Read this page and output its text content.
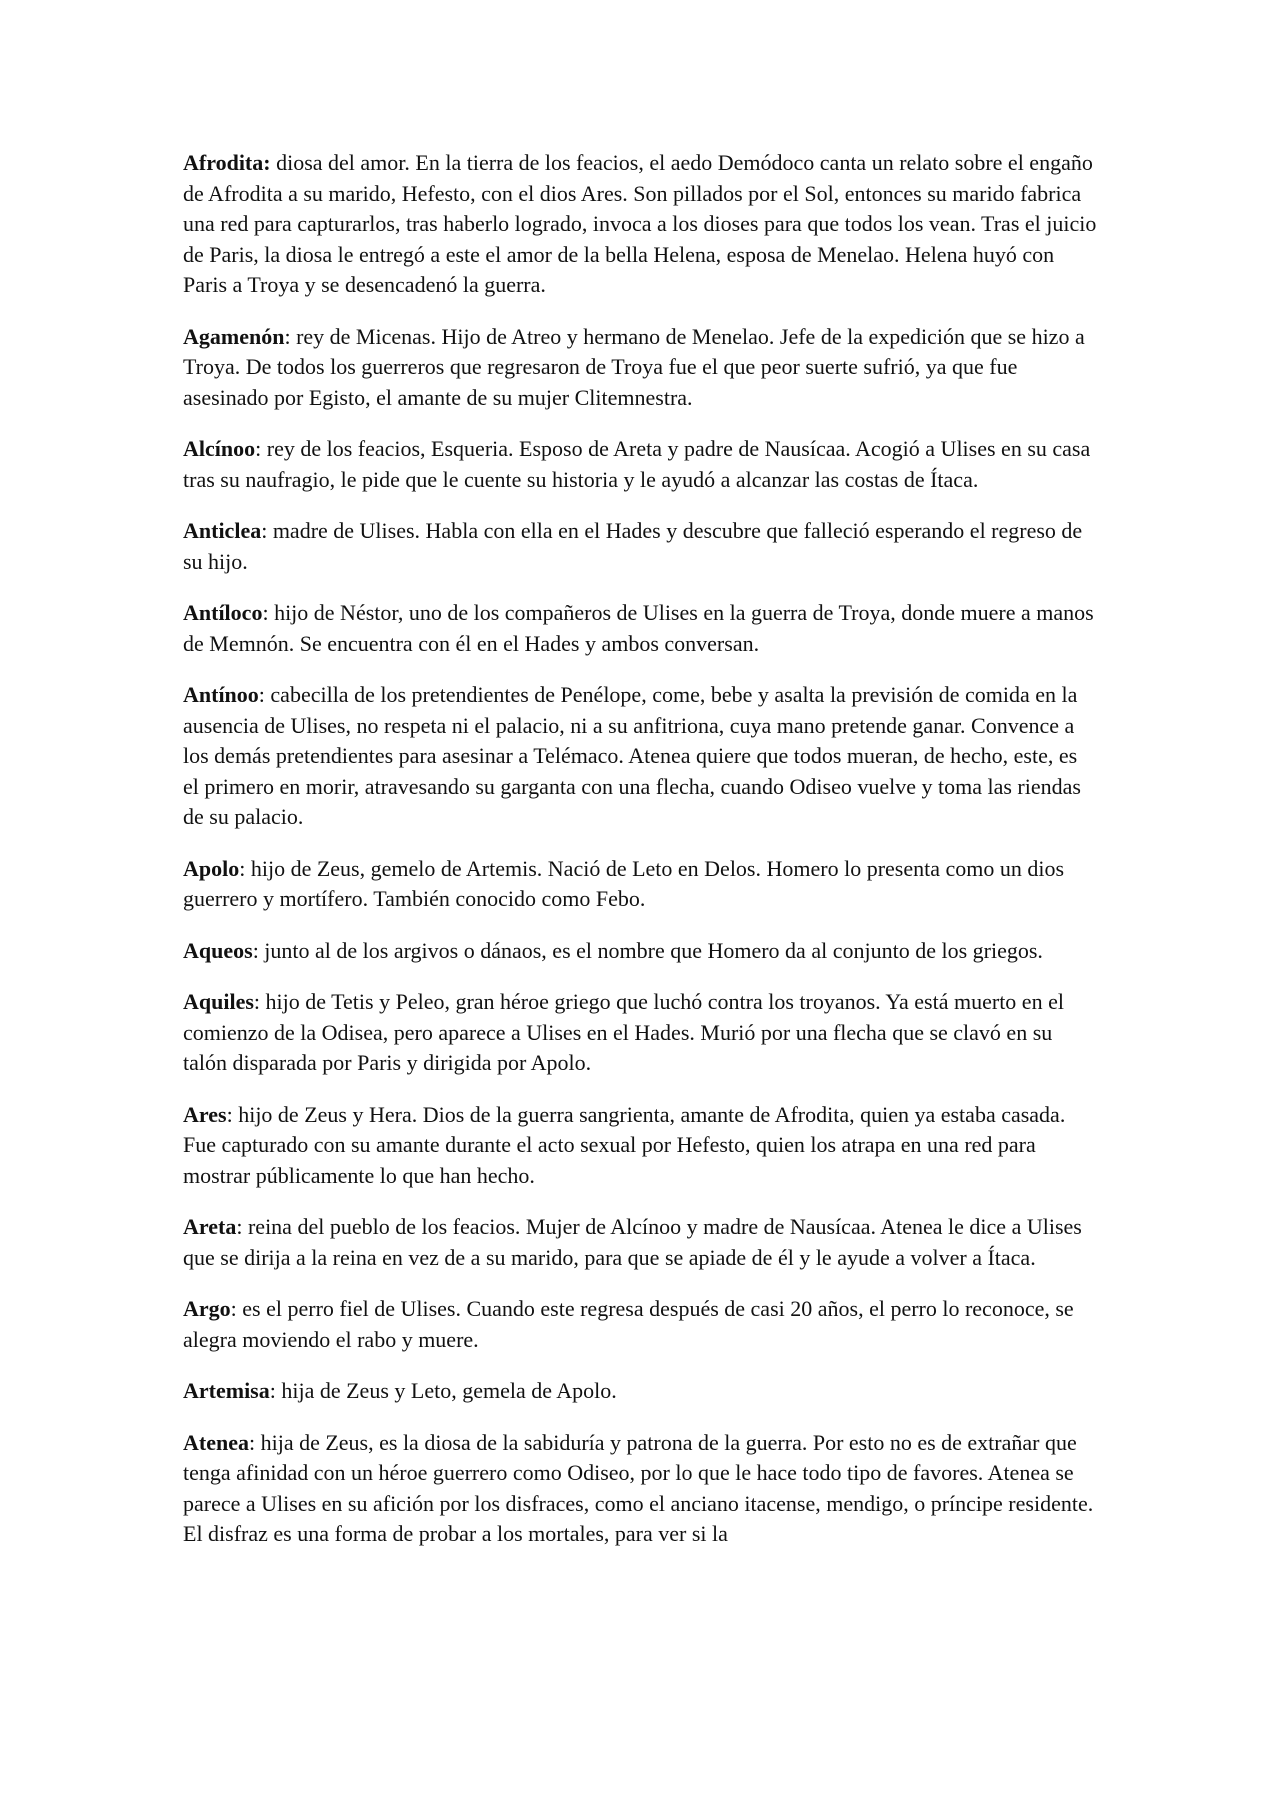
Afrodita: diosa del amor. En la tierra de los feacios, el aedo Demódoco canta un relato sobre el engaño de Afrodita a su marido, Hefesto, con el dios Ares. Son pillados por el Sol, entonces su marido fabrica una red para capturarlos, tras haberlo logrado, invoca a los dioses para que todos los vean. Tras el juicio de Paris, la diosa le entregó a este el amor de la bella Helena, esposa de Menelao. Helena huyó con Paris a Troya y se desencadenó la guerra.

Agamenón: rey de Micenas. Hijo de Atreo y hermano de Menelao. Jefe de la expedición que se hizo a Troya. De todos los guerreros que regresaron de Troya fue el que peor suerte sufrió, ya que fue asesinado por Egisto, el amante de su mujer Clitemnestra.

Alcínoo: rey de los feacios, Esqueria. Esposo de Areta y padre de Nausícaa. Acogió a Ulises en su casa tras su naufragio, le pide que le cuente su historia y le ayudó a alcanzar las costas de Ítaca.

Anticlea: madre de Ulises. Habla con ella en el Hades y descubre que falleció esperando el regreso de su hijo.

Antíloco: hijo de Néstor, uno de los compañeros de Ulises en la guerra de Troya, donde muere a manos de Memnón. Se encuentra con él en el Hades y ambos conversan.

Antínoo: cabecilla de los pretendientes de Penélope, come, bebe y asalta la previsión de comida en la ausencia de Ulises, no respeta ni el palacio, ni a su anfitriona, cuya mano pretende ganar. Convence a los demás pretendientes para asesinar a Telémaco. Atenea quiere que todos mueran, de hecho, este, es el primero en morir, atravesando su garganta con una flecha, cuando Odiseo vuelve y toma las riendas de su palacio.

Apolo: hijo de Zeus, gemelo de Artemis. Nació de Leto en Delos. Homero lo presenta como un dios guerrero y mortífero. También conocido como Febo.

Aqueos: junto al de los argivos o dánaos, es el nombre que Homero da al conjunto de los griegos.

Aquiles: hijo de Tetis y Peleo, gran héroe griego que luchó contra los troyanos. Ya está muerto en el comienzo de la Odisea, pero aparece a Ulises en el Hades. Murió por una flecha que se clavó en su talón disparada por Paris y dirigida por Apolo.

Ares: hijo de Zeus y Hera. Dios de la guerra sangrienta, amante de Afrodita, quien ya estaba casada. Fue capturado con su amante durante el acto sexual por Hefesto, quien los atrapa en una red para mostrar públicamente lo que han hecho.

Areta: reina del pueblo de los feacios. Mujer de Alcínoo y madre de Nausícaa. Atenea le dice a Ulises que se dirija a la reina en vez de a su marido, para que se apiade de él y le ayude a volver a Ítaca.

Argo: es el perro fiel de Ulises. Cuando este regresa después de casi 20 años, el perro lo reconoce, se alegra moviendo el rabo y muere.

Artemisa: hija de Zeus y Leto, gemela de Apolo.

Atenea: hija de Zeus, es la diosa de la sabiduría y patrona de la guerra. Por esto no es de extrañar que tenga afinidad con un héroe guerrero como Odiseo, por lo que le hace todo tipo de favores. Atenea se parece a Ulises en su afición por los disfraces, como el anciano itacense, mendigo, o príncipe residente. El disfraz es una forma de probar a los mortales, para ver si la
